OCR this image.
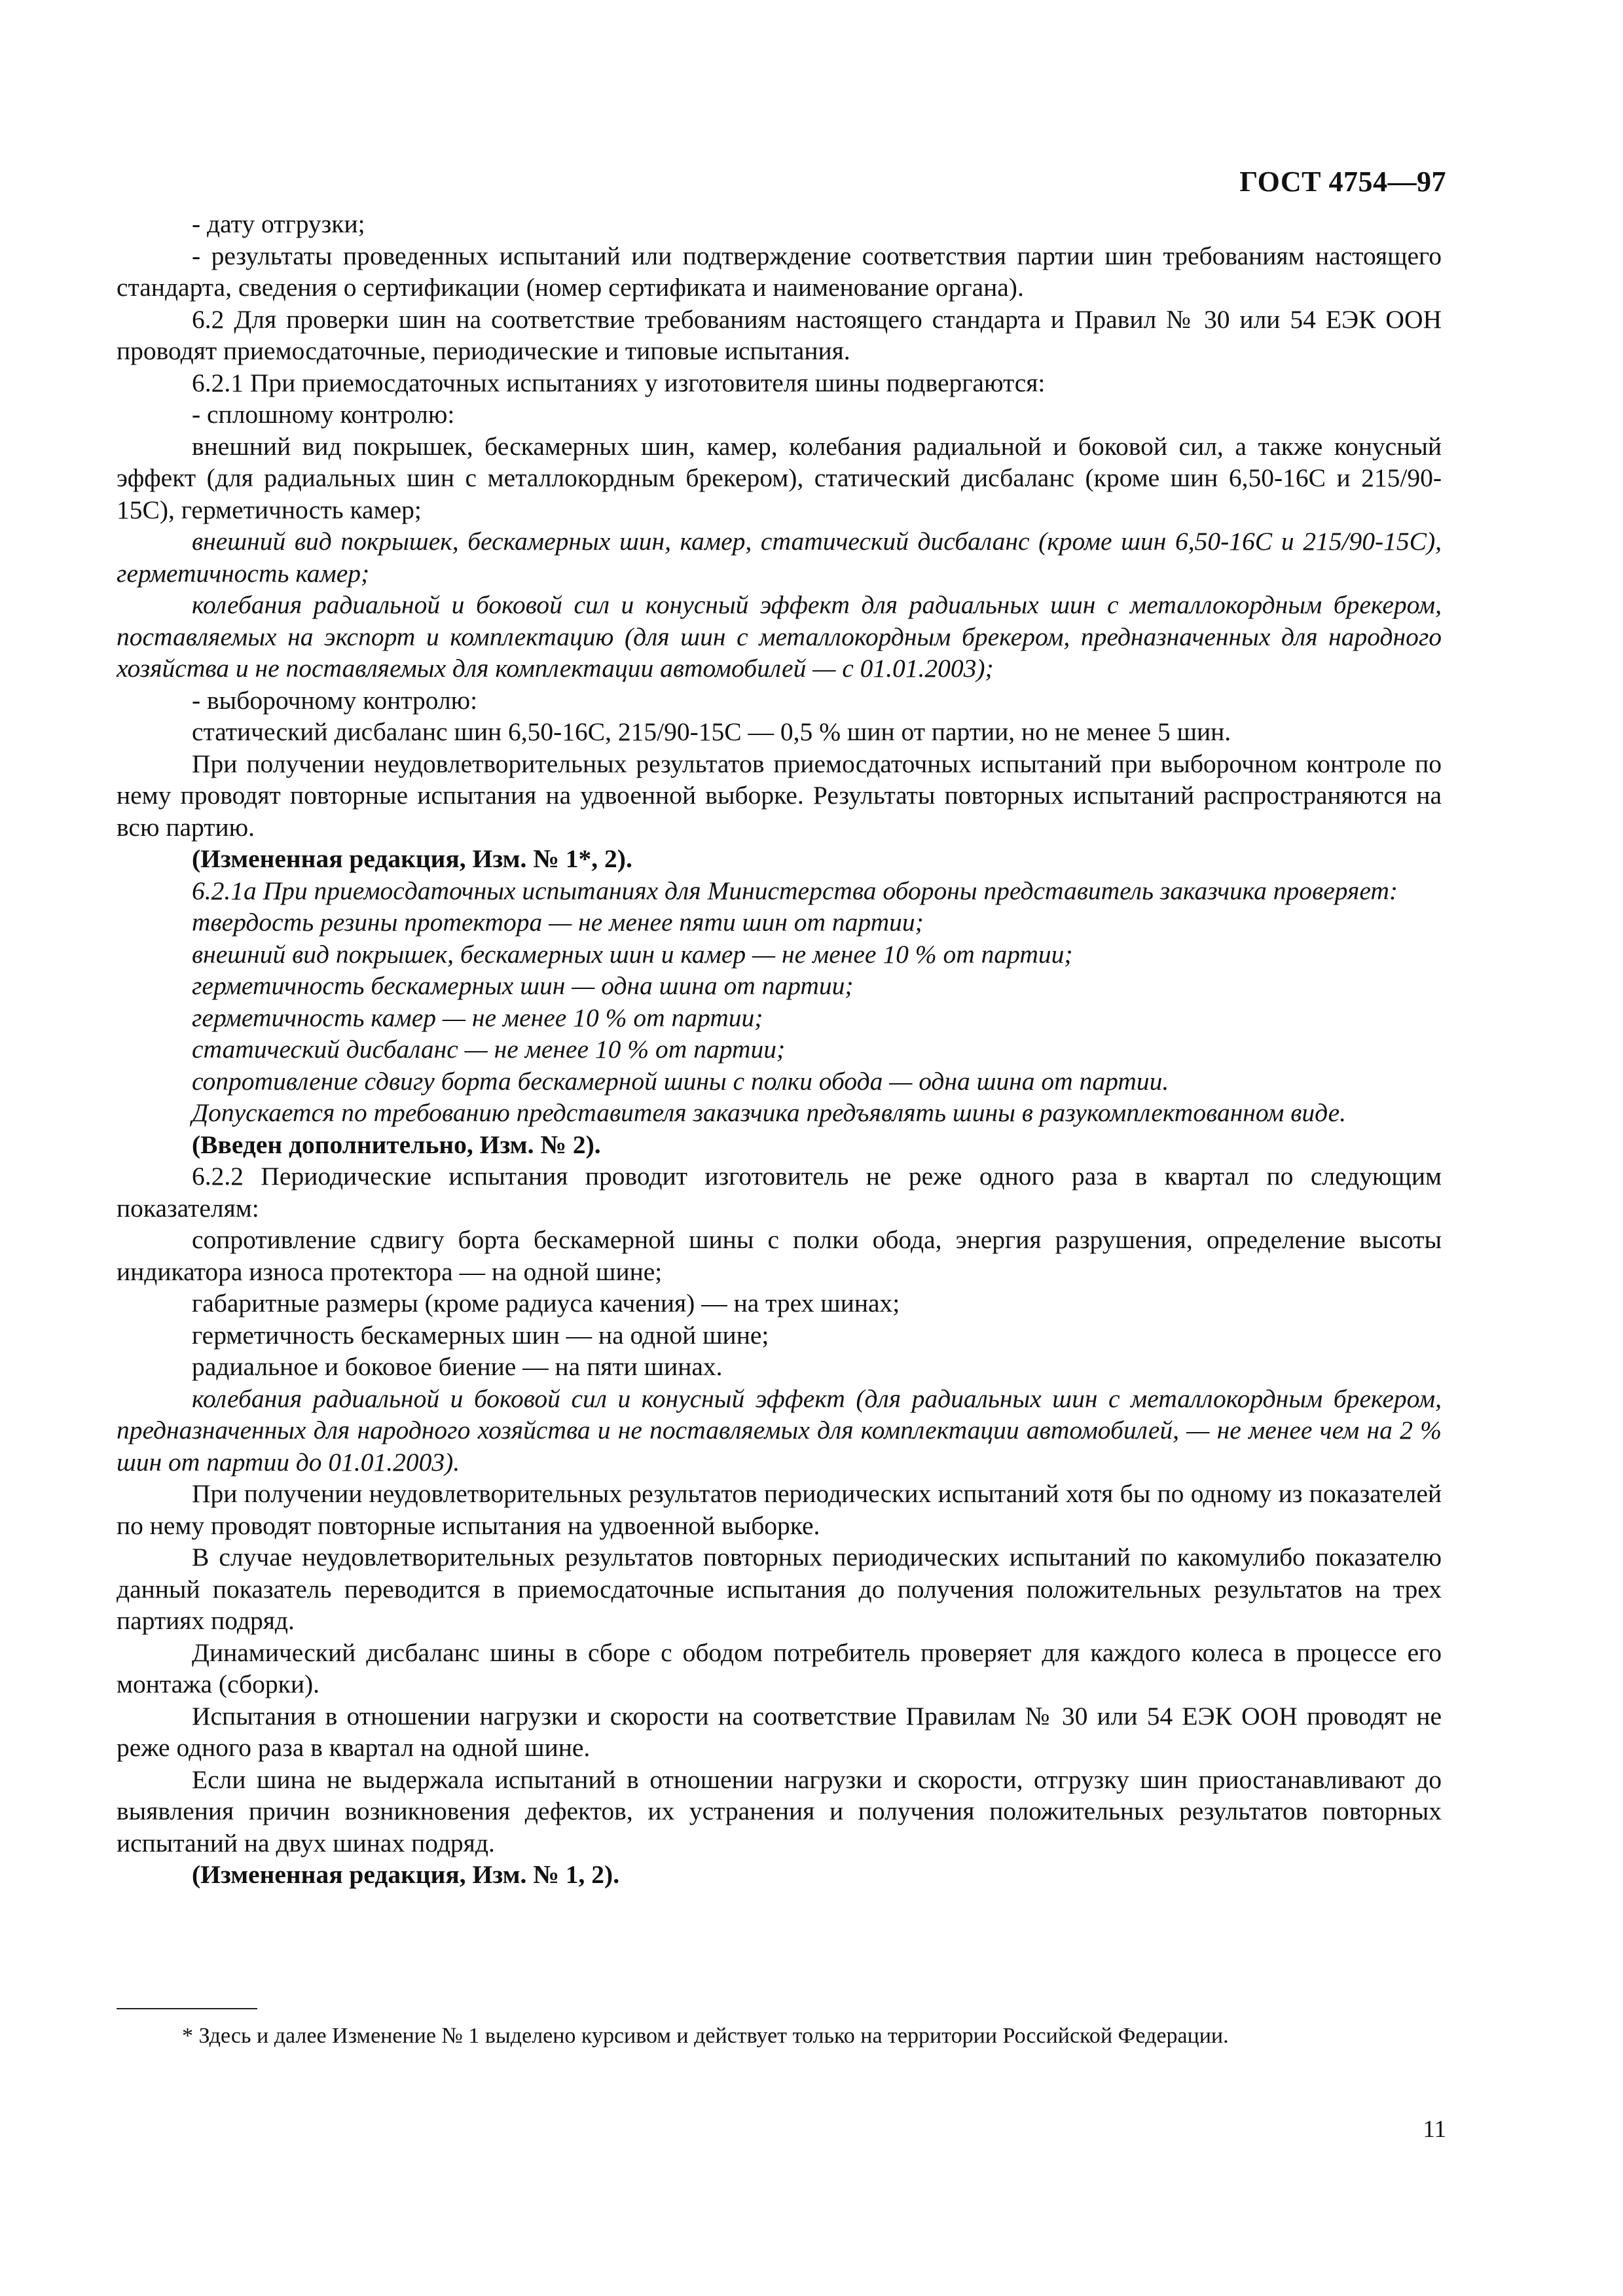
ГОСТ 4754—97

- дату отгрузки;

- результаты проведенных испытаний или подтверждение соответствия партии шин требованиям настоящего стандарта, сведения о сертификации (номер сертификата и наименование органа).

6.2 Для проверки шин на соответствие требованиям настоящего стандарта и Правил № 30 или 54 ЕЭК ООН проводят приемосдаточные, периодические и типовые испытания.

6.2.1 При приемосдаточных испытаниях у изготовителя шины подвергаются:

- сплошному контролю:

внешний вид покрышек, бескамерных шин, камер, колебания радиальной и боковой сил, а также конусный эффект (для радиальных шин с металлокордным брекером), статический дисбаланс (кроме шин 6,50-16С и 215/90-15С), герметичность камер;

внешний вид покрышек, бескамерных шин, камер, статический дисбаланс (кроме шин 6,50-16С и 215/90-15С), герметичность камер;

колебания радиальной и боковой сил и конусный эффект для радиальных шин с металлокордным брекером, поставляемых на экспорт и комплектацию (для шин с металлокордным брекером, предназначенных для народного хозяйства и не поставляемых для комплектации автомобилей — с 01.01.2003);

- выборочному контролю:

статический дисбаланс шин 6,50-16С, 215/90-15С — 0,5 % шин от партии, но не менее 5 шин.

При получении неудовлетворительных результатов приемосдаточных испытаний при выборочном контроле по нему проводят повторные испытания на удвоенной выборке. Результаты повторных испытаний распространяются на всю партию.

(Измененная редакция, Изм. № 1*, 2).

6.2.1а При приемосдаточных испытаниях для Министерства обороны представитель заказчика проверяет:

твердость резины протектора — не менее пяти шин от партии;

внешний вид покрышек, бескамерных шин и камер — не менее 10 % от партии;

герметичность бескамерных шин — одна шина от партии;

герметичность камер — не менее 10 % от партии;

статический дисбаланс — не менее 10 % от партии;

сопротивление сдвигу борта бескамерной шины с полки обода — одна шина от партии.

Допускается по требованию представителя заказчика предъявлять шины в разукомплектованном виде.

(Введен дополнительно, Изм. № 2).

6.2.2 Периодические испытания проводит изготовитель не реже одного раза в квартал по следующим показателям:

сопротивление сдвигу борта бескамерной шины с полки обода, энергия разрушения, определение высоты индикатора износа протектора — на одной шине;

габаритные размеры (кроме радиуса качения) — на трех шинах;

герметичность бескамерных шин — на одной шине;

радиальное и боковое биение — на пяти шинах.

колебания радиальной и боковой сил и конусный эффект (для радиальных шин с металлокордным брекером, предназначенных для народного хозяйства и не поставляемых для комплектации автомобилей, — не менее чем на 2 % шин от партии до 01.01.2003).

При получении неудовлетворительных результатов периодических испытаний хотя бы по одному из показателей по нему проводят повторные испытания на удвоенной выборке.

В случае неудовлетворительных результатов повторных периодических испытаний по какомулибо показателю данный показатель переводится в приемосдаточные испытания до получения положительных результатов на трех партиях подряд.

Динамический дисбаланс шины в сборе с ободом потребитель проверяет для каждого колеса в процессе его монтажа (сборки).

Испытания в отношении нагрузки и скорости на соответствие Правилам № 30 или 54 ЕЭК ООН проводят не реже одного раза в квартал на одной шине.

Если шина не выдержала испытаний в отношении нагрузки и скорости, отгрузку шин приостанавливают до выявления причин возникновения дефектов, их устранения и получения положительных результатов повторных испытаний на двух шинах подряд.

(Измененная редакция, Изм. № 1, 2).

* Здесь и далее Изменение № 1 выделено курсивом и действует только на территории Российской Федерации.
11
